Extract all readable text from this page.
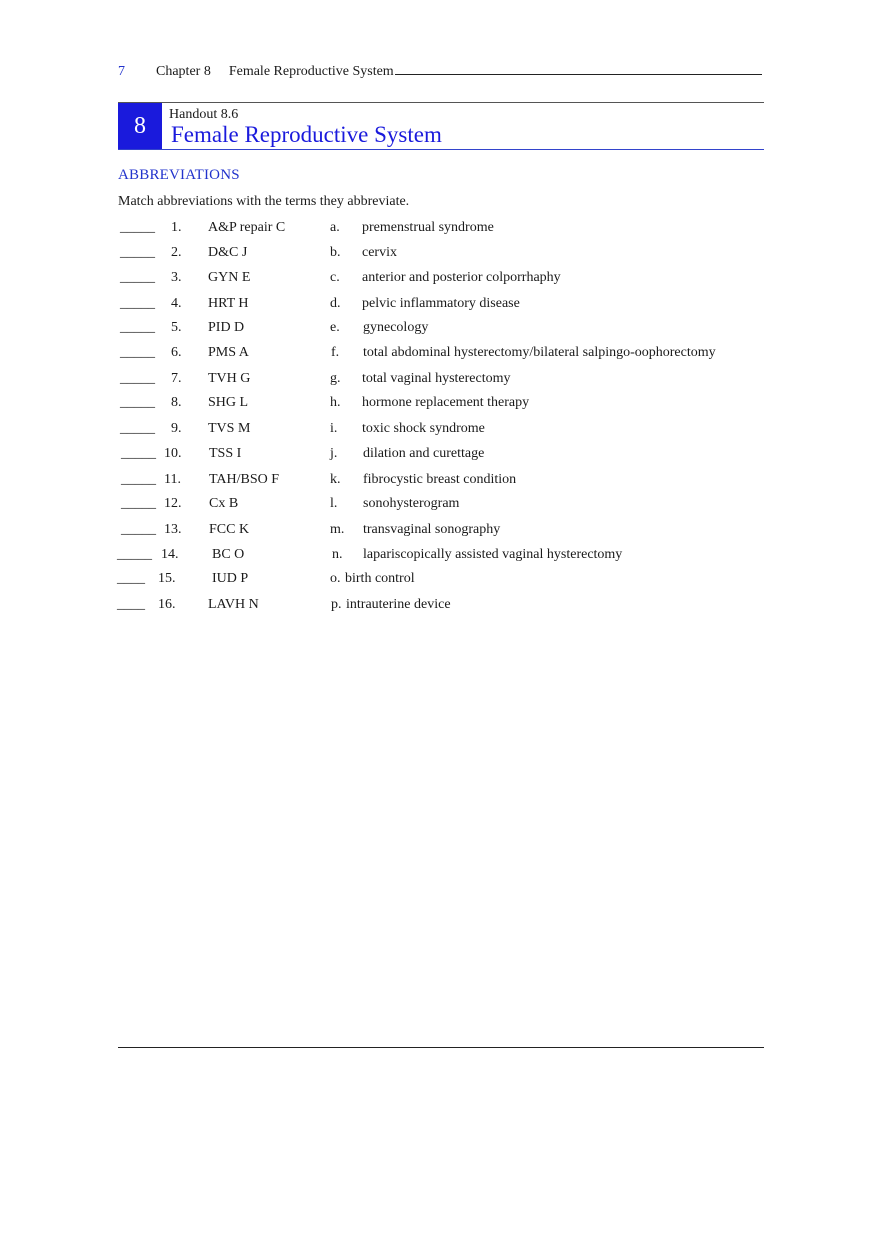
7	Chapter 8 Female Reproductive System
8	Handout 8.6
Female Reproductive System
ABBREVIATIONS
Match abbreviations with the terms they abbreviate.
_____ 1. A&P repair C	a. premenstrual syndrome
_____ 2. D&C J	b. cervix
_____ 3. GYN E	c. anterior and posterior colporrhaphy
_____ 4. HRT H	d. pelvic inflammatory disease
_____ 5. PID D	e. gynecology
_____ 6. PMS A	f. total abdominal hysterectomy/bilateral salpingo-oophorectomy
_____ 7. TVH G	g. total vaginal hysterectomy
_____ 8. SHG L	h. hormone replacement therapy
_____ 9. TVS M	i. toxic shock syndrome
_____ 10. TSS I	j. dilation and curettage
_____ 11. TAH/BSO F	k. fibrocystic breast condition
_____ 12. Cx B	l. sonohysterogram
_____ 13. FCC K	m. transvaginal sonography
_____ 14. BC O	n. lapariscopically assisted vaginal hysterectomy
____ 15.	IUD P	o. birth control
____ 16. LAVH N	p. intrauterine device
